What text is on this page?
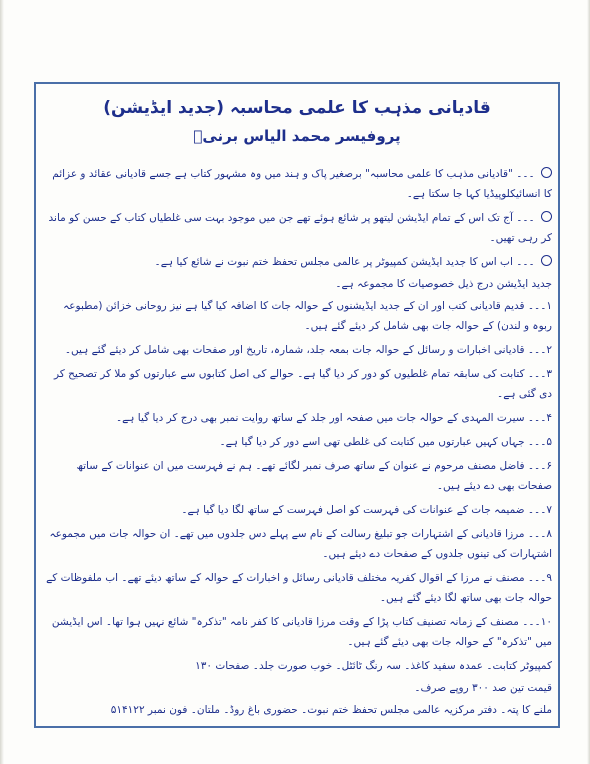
قادیانی مذہب کا علمی محاسبہ (جدید ایڈیشن)
پروفیسر محمد الیاس برنیؒ
۔۔۔ "قادیانی مذہب کا علمی محاسبہ" برصغیر پاک و ہند میں وہ مشہور کتاب ہے جسے قادیانی عقائد و عزائم کا انسائیکلوپیڈیا کہا جا سکتا ہے۔
۔۔۔ آج تک اس کے تمام ایڈیشن لیتھو پر شائع ہوئے تھے جن میں موجود بہت سی غلطیاں کتاب کے حسن کو ماند کر رہی تھیں۔
۔۔۔ اب اس کا جدید ایڈیشن کمپیوٹر پر عالمی مجلس تحفظ ختم نبوت نے شائع کیا ہے۔
جدید ایڈیشن درج ذیل خصوصیات کا مجموعہ ہے۔
۱۔۔۔ قدیم قادیانی کتب اور ان کے جدید ایڈیشنوں کے حوالہ جات کا اضافہ کیا گیا ہے نیز روحانی خزائن (مطبوعہ ربوہ و لندن) کے حوالہ جات بھی شامل کر دیئے گئے ہیں۔
۲۔۔۔ قادیانی اخبارات و رسائل کے حوالہ جات بمعہ جلد، شمارہ، تاریخ اور صفحات بھی شامل کر دیئے گئے ہیں۔
۳۔۔۔ کتابت کی سابقہ تمام غلطیوں کو دور کر دیا گیا ہے۔ حوالے کی اصل کتابوں سے عبارتوں کو ملا کر تصحیح کر دی گئی ہے۔
۴۔۔۔ سیرت المہدی کے حوالہ جات میں صفحہ اور جلد کے ساتھ روایت نمبر بھی درج کر دیا گیا ہے۔
۵۔۔۔ جہاں کہیں عبارتوں میں کتابت کی غلطی تھی اسے دور کر دیا گیا ہے۔
۶۔۔۔ فاضل مصنف مرحوم نے عنوان کے ساتھ صرف نمبر لگائے تھے۔ ہم نے فہرست میں ان عنوانات کے ساتھ صفحات بھی دے دیئے ہیں۔
۷۔۔۔ ضمیمہ جات کے عنوانات کی فہرست کو اصل فہرست کے ساتھ لگا دیا گیا ہے۔
۸۔۔۔ مرزا قادیانی کے اشتہارات جو تبلیغ رسالت کے نام سے پہلے دس جلدوں میں تھے۔ ان حوالہ جات میں مجموعہ اشتہارات کی تینوں جلدوں کے صفحات دے دیئے ہیں۔
۹۔۔۔ مصنف نے مرزا کے اقوال کفریہ مختلف قادیانی رسائل و اخبارات کے حوالہ کے ساتھ دیئے تھے۔ اب ملفوظات کے حوالہ جات بھی ساتھ لگا دیئے گئے ہیں۔
۱۰۔۔۔ مصنف کے زمانہ تصنیف کتاب پڑا کے وقت مرزا قادیانی کا کفر نامہ "تذکرہ" شائع نہیں ہوا تھا۔ اس ایڈیشن میں "تذکرہ" کے حوالہ جات بھی دیئے گئے ہیں۔
کمپیوٹر کتابت۔ عمدہ سفید کاغذ۔ سہ رنگ ٹائٹل۔ خوب صورت جلد۔ صفحات ۱۳۰
قیمت تین صد ۳۰۰ روپے صرف۔
ملنے کا پتہ۔ دفتر مرکزیہ عالمی مجلس تحفظ ختم نبوت۔ حضوری باغ روڈ۔ ملتان۔ فون نمبر ۵۱۴۱۲۲
